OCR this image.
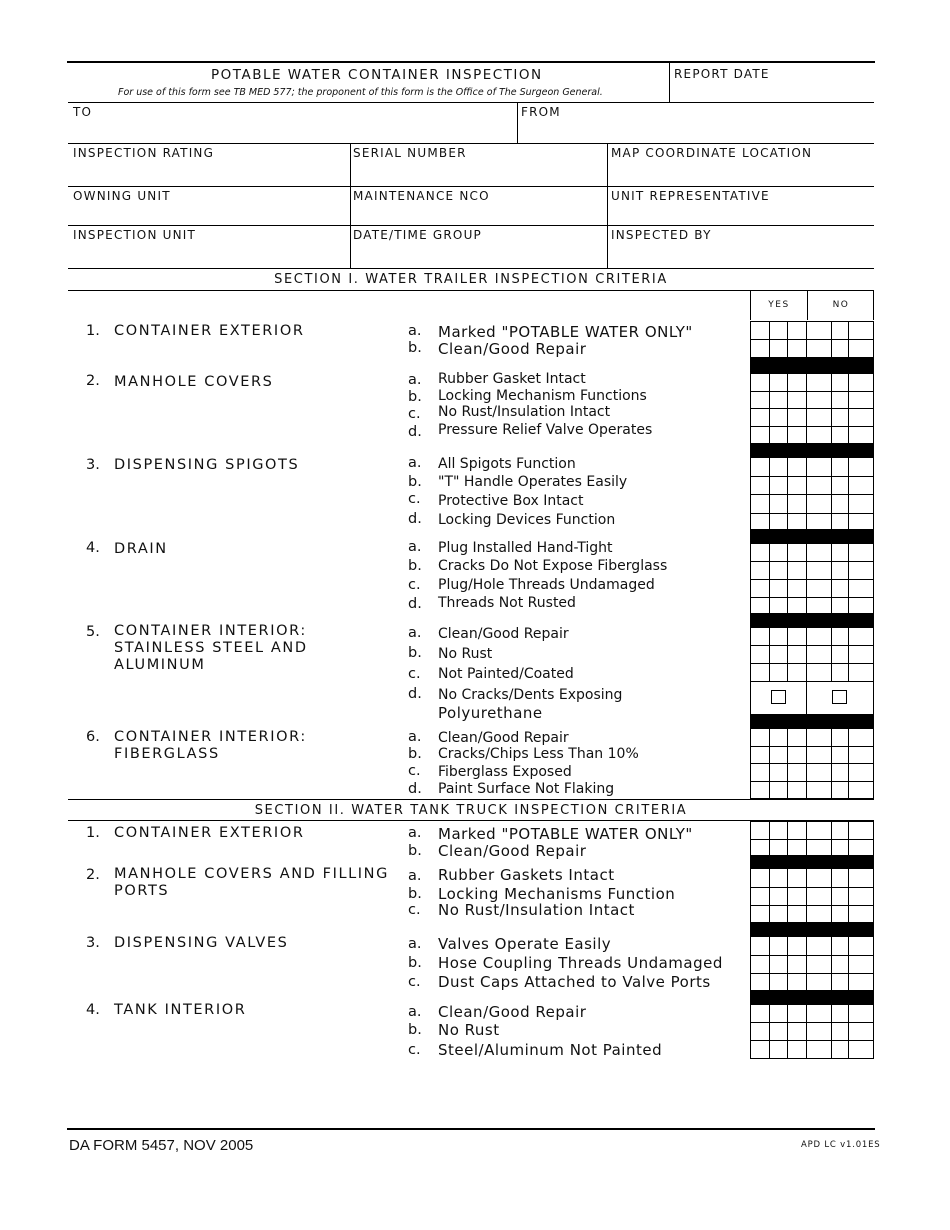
POTABLE WATER CONTAINER INSPECTION
For use of this form see TB MED 577; the proponent of this form is the Office of The Surgeon General.
REPORT DATE
TO	FROM
INSPECTION RATING	SERIAL NUMBER	MAP COORDINATE LOCATION
OWNING UNIT	MAINTENANCE NCO	UNIT REPRESENTATIVE
INSPECTION UNIT	DATE/TIME GROUP	INSPECTED BY
SECTION I. WATER TRAILER INSPECTION CRITERIA
YES	NO
1. CONTAINER EXTERIOR	a. Marked "POTABLE WATER ONLY"
b. Clean/Good Repair
2. MANHOLE COVERS	a. Rubber Gasket Intact
b. Locking Mechanism Functions
c. No Rust/Insulation Intact
d. Pressure Relief Valve Operates
3. DISPENSING SPIGOTS	a. All Spigots Function
b. "T" Handle Operates Easily
c. Protective Box Intact
d. Locking Devices Function
4. DRAIN	a. Plug Installed Hand-Tight
b. Cracks Do Not Expose Fiberglass
c. Plug/Hole Threads Undamaged
d. Threads Not Rusted
5. CONTAINER INTERIOR:
STAINLESS STEEL AND
ALUMINUM
a. Clean/Good Repair
b. No Rust
c. Not Painted/Coated
d. No Cracks/Dents Exposing
Polyurethane
6. CONTAINER INTERIOR:
FIBERGLASS
a. Clean/Good Repair
b. Cracks/Chips Less Than 10%
c. Fiberglass Exposed
d. Paint Surface Not Flaking
SECTION II. WATER TANK TRUCK INSPECTION CRITERIA
1. CONTAINER EXTERIOR	a. Marked "POTABLE WATER ONLY"
b. Clean/Good Repair
2. MANHOLE COVERS AND FILLING
PORTS
a. Rubber Gaskets Intact
b. Locking Mechanisms Function
c. No Rust/Insulation Intact
3. DISPENSING VALVES	a. Valves Operate Easily
b. Hose Coupling Threads Undamaged
c. Dust Caps Attached to Valve Ports
4. TANK INTERIOR	a. Clean/Good Repair
b. No Rust
c. Steel/Aluminum Not Painted
DA FORM 5457, NOV 2005	APD LC v1.01ES
